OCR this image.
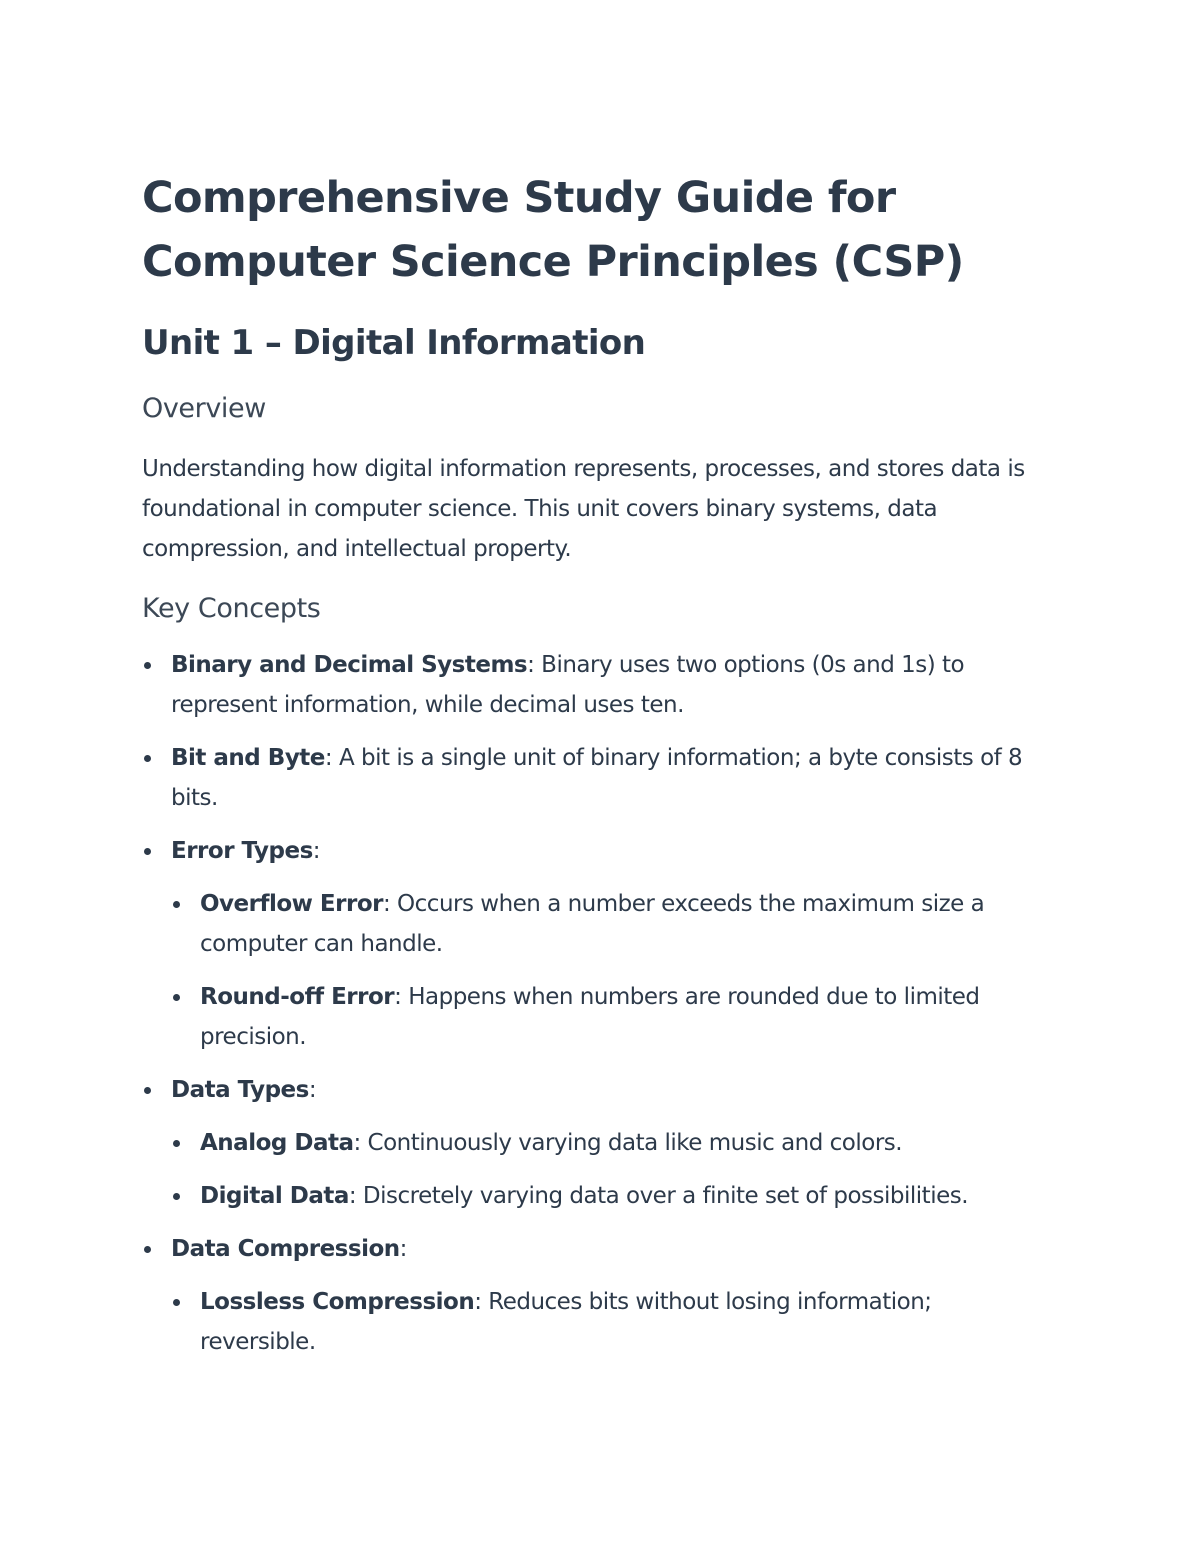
Comprehensive Study Guide for
Computer Science Principles (CSP)
Unit 1 – Digital Information
Overview

Understanding how digital information represents, processes, and stores data is foundational in computer science. This unit covers binary systems, data compression, and intellectual property.

Key Concepts
Binary and Decimal Systems: Binary uses two options (0s and 1s) to represent information, while decimal uses ten.
Bit and Byte: A bit is a single unit of binary information; a byte consists of 8 bits.
Error Types:
Overflow Error: Occurs when a number exceeds the maximum size a computer can handle.
Round-off Error: Happens when numbers are rounded due to limited precision.
Data Types:
Analog Data: Continuously varying data like music and colors.
Digital Data: Discretely varying data over a finite set of possibilities.
Data Compression:
Lossless Compression: Reduces bits without losing information; reversible.
